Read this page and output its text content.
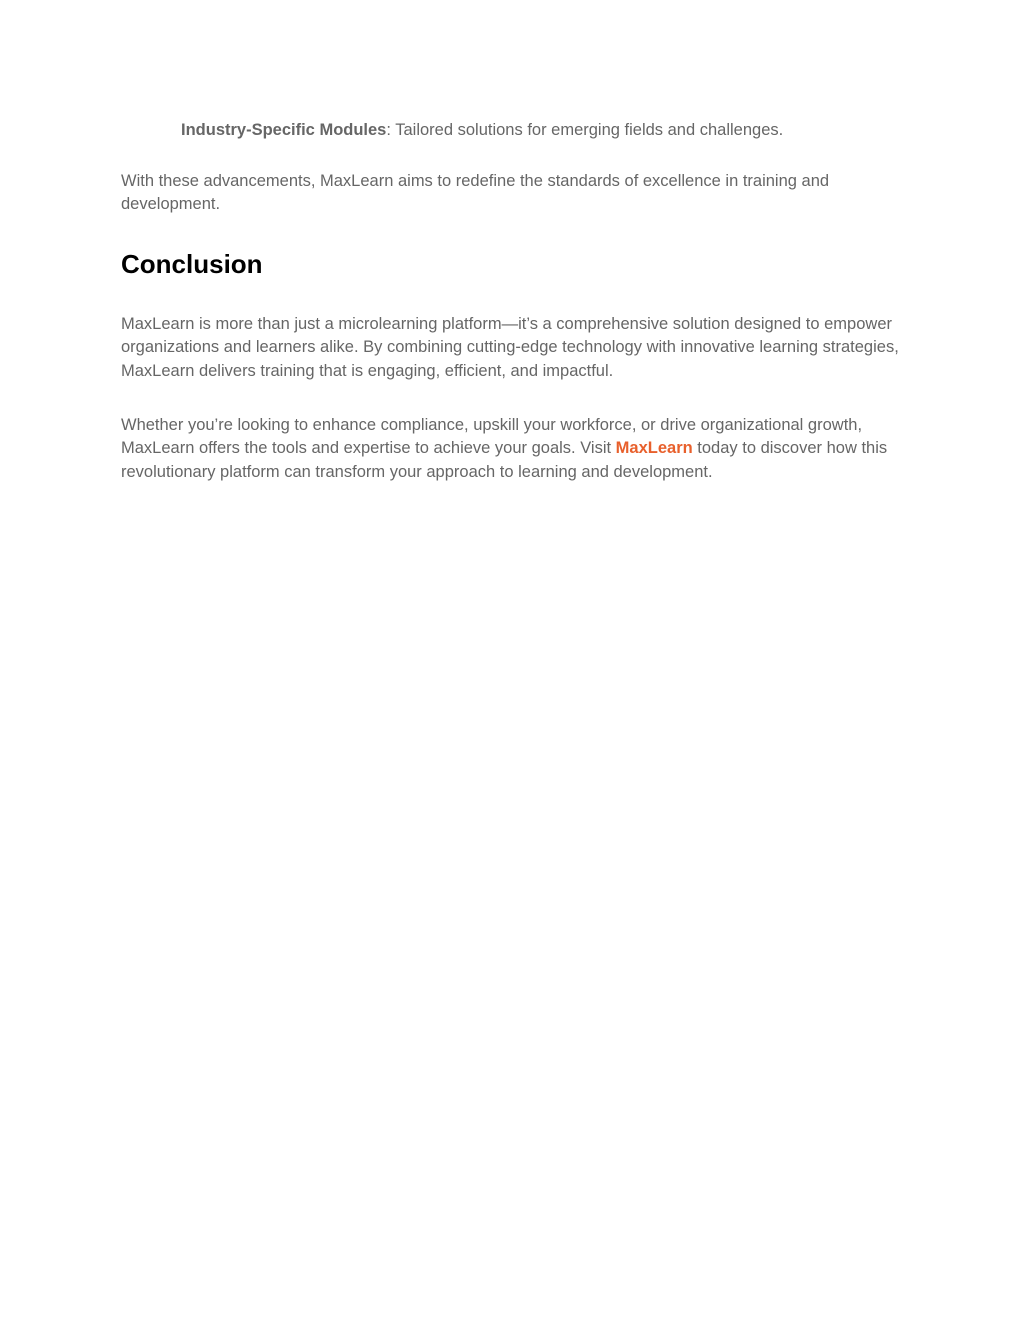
Industry-Specific Modules: Tailored solutions for emerging fields and challenges.

With these advancements, MaxLearn aims to redefine the standards of excellence in training and development.

Conclusion

MaxLearn is more than just a microlearning platform—it’s a comprehensive solution designed to empower organizations and learners alike. By combining cutting-edge technology with innovative learning strategies, MaxLearn delivers training that is engaging, efficient, and impactful.

Whether you’re looking to enhance compliance, upskill your workforce, or drive organizational growth, MaxLearn offers the tools and expertise to achieve your goals. Visit MaxLearn today to discover how this revolutionary platform can transform your approach to learning and development.
